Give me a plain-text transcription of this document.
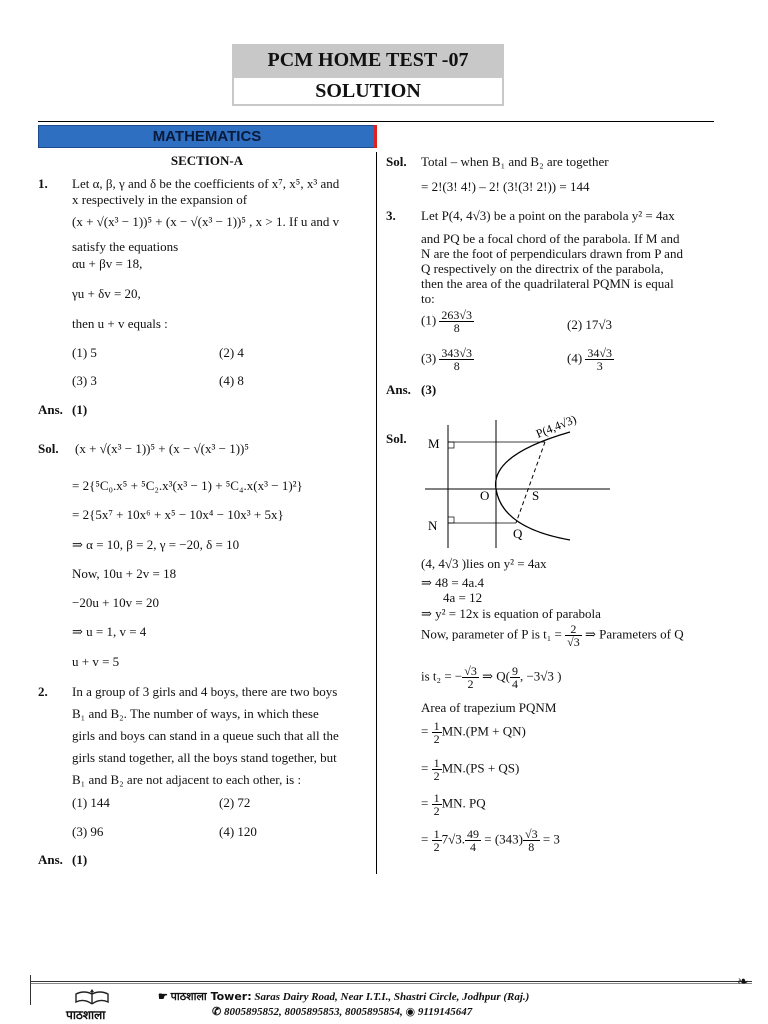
PCM HOME TEST -07
SOLUTION
MATHEMATICS
SECTION-A
1. Let α, β, γ and δ be the coefficients of x⁷, x⁵, x³ and
x respectively in the expansion of
(x + √(x³ − 1))⁵ + (x − √(x³ − 1))⁵ , x > 1. If u and v
satisfy the equations
αu + βv = 18,
γu + δv = 20,
then u + v equals :
(1) 5	(2) 4
(3) 3	(4) 8
Ans. (1)
Sol. (x + √(x³ − 1))⁵ + (x − √(x³ − 1))⁵
= 2{⁵C₀.x⁵ + ⁵C₂.x³(x³ − 1) + ⁵C₄.x(x³ − 1)²}
= 2{5x⁷ + 10x⁶ + x⁵ − 10x⁴ − 10x³ + 5x}
⇒ α = 10, β = 2, γ = −20, δ = 10
Now, 10u + 2v = 18
−20u + 10v = 20
⇒ u = 1, v = 4
u + v = 5
2. In a group of 3 girls and 4 boys, there are two boys
B₁ and B₂. The number of ways, in which these
girls and boys can stand in a queue such that all the
girls stand together, all the boys stand together, but
B₁ and B₂ are not adjacent to each other, is :
(1) 144	(2) 72
(3) 96	(4) 120
Ans. (1)
Sol. Total – when B₁ and B₂ are together
= 2!(3! 4!) – 2! (3!(3! 2!)) = 144
3. Let P(4, 4√3) be a point on the parabola y² = 4ax
and PQ be a focal chord of the parabola. If M and
N are the foot of perpendiculars drawn from P and
Q respectively on the directrix of the parabola,
then the area of the quadrilateral PQMN is equal
to:
$(1) \frac{263√3}{8}$	(2) 17√3
$(3) \frac{343√3}{8}$	$(4) \frac{34√3}{3}$
Ans. (3)
Sol. M
N
O	S
Q
P(4,4√3)
(4, 4√3 )lies on y² = 4ax
⇒ 48 = 4a.4
4a = 12
⇒ y² = 12x is equation of parabola
Now, parameter of P is $t_1 = \frac{2}{√3}$ ⇒ Parameters of Q
is t₂ = − $\frac{√3}{2}$ ⇒ $Q( \frac{9}{4}$ , −3√3 )
Area of trapezium PQNM
= $\frac{1}{2} MN.(PM + QN)$
= $\frac{1}{2} MN.(PS + QS)$
= $\frac{1}{2}$ MN. PQ
= $\frac{1}{2} 7√3$. $\frac{49}{4} = (343) \frac{√3}{8} = 3$
❧
पाठशाला
☛ पाठशाला Tower: Saras Dairy Road, Near I.T.I., Shastri Circle, Jodhpur (Raj.)
✆ 8005895852, 8005895853, 8005895854, ◉ 9119145647
